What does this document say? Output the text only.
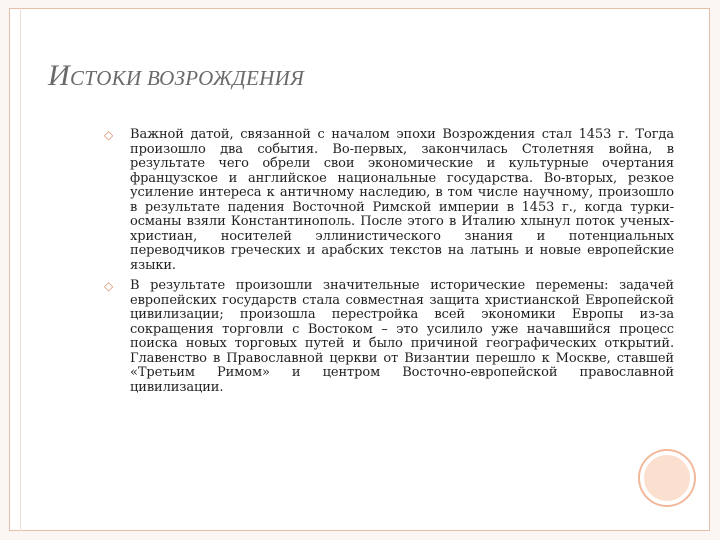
ИСТОКИ ВОЗРОЖДЕНИЯ
◇ Важной датой, связанной с началом эпохи Возрождения стал 1453 г. Тогда произошло два события. Во-первых, закончилась Столетняя война, в результате чего обрели свои экономические и культурные очертания французское и английское национальные государства. Во-вторых, резкое усиление интереса к античному наследию, в том числе научному, произошло в результате падения Восточной Римской империи в 1453 г., когда турки-османы взяли Константинополь. После этого в Италию хлынул поток ученых-христиан, носителей эллинистического знания и потенциальных переводчиков греческих и арабских текстов на латынь и новые европейские языки.
◇ В результате произошли значительные исторические перемены: задачей европейских государств стала совместная защита христианской Европейской цивилизации; произошла перестройка всей экономики Европы из-за сокращения торговли с Востоком – это усилило уже начавшийся процесс поиска новых торговых путей и было причиной географических открытий. Главенство в Православной церкви от Византии перешло к Москве, ставшей «Третьим Римом» и центром Восточно-европейской православной цивилизации.
